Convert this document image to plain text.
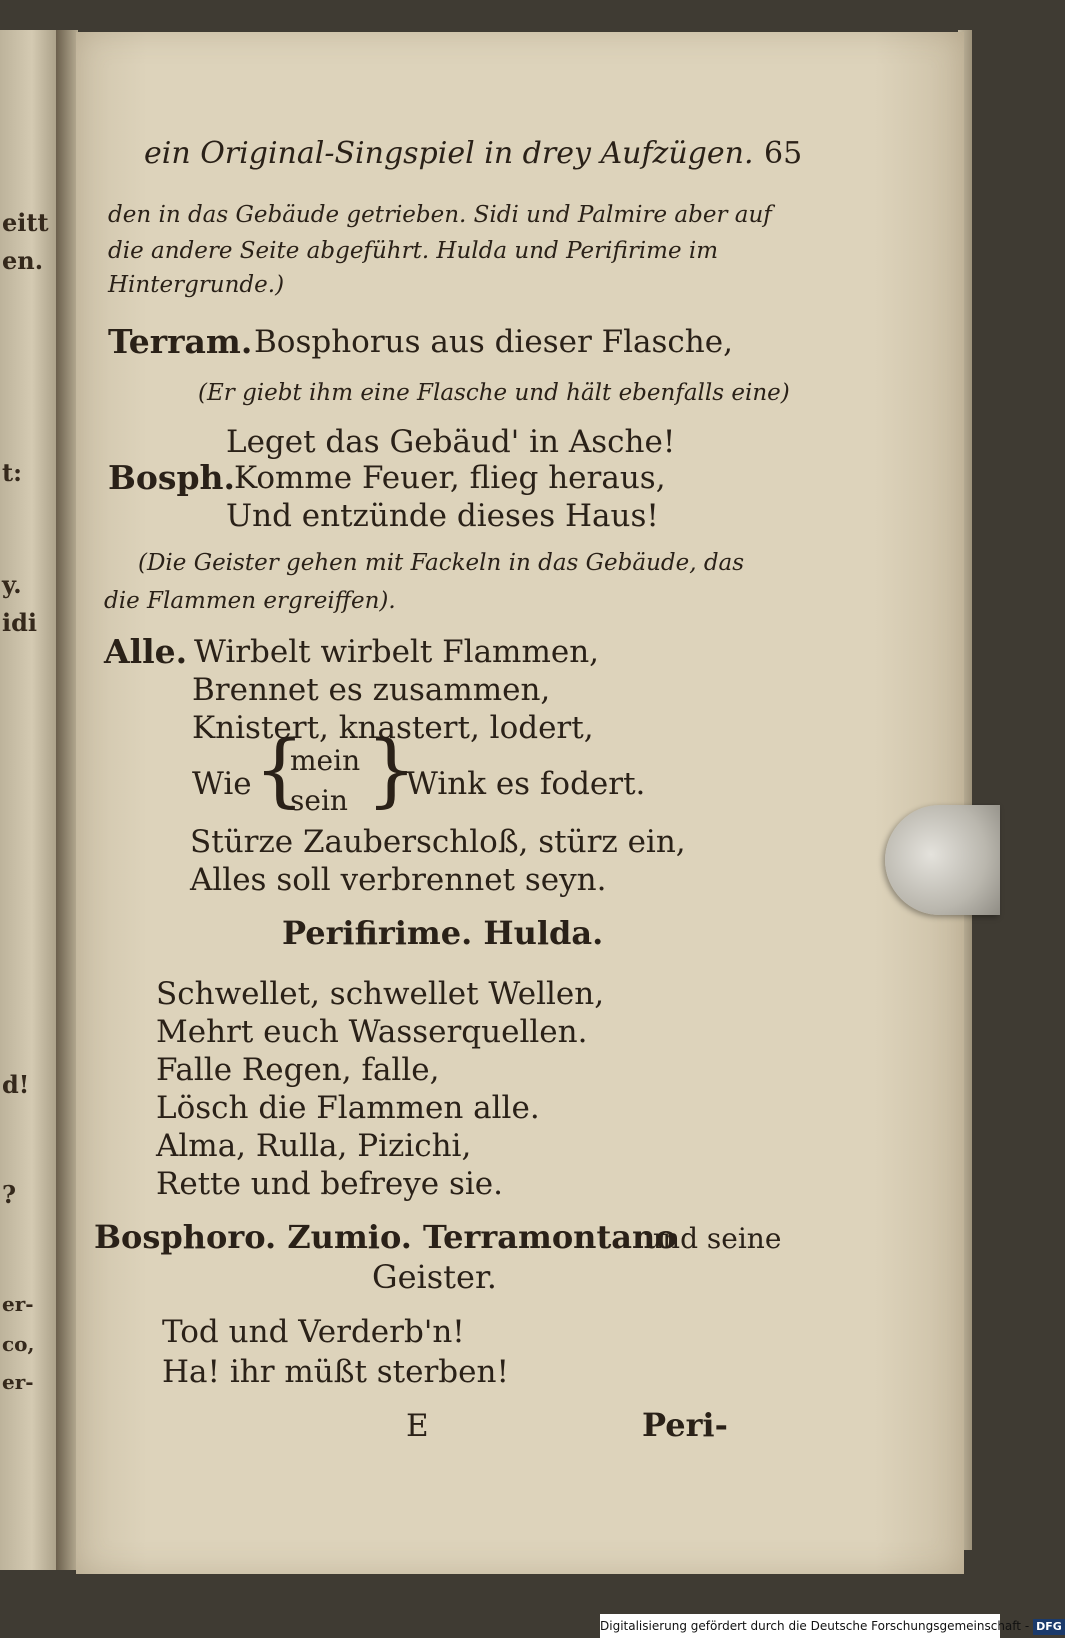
eitt
en.
t:
y.
idi
d!
?
er-
co,
er-
ein Original-Singspiel in drey Aufzügen. 65
den in das Gebäude getrieben. Sidi und Palmire aber auf
die andere Seite abgeführt. Hulda und Perifirime im
Hintergrunde.)
Terram. Bosphorus aus dieser Flasche,
(Er giebt ihm eine Flasche und hält ebenfalls eine)
Leget das Gebäud' in Asche!
Bosph.
Komme Feuer, flieg heraus,
Und entzünde dieses Haus!
(Die Geister gehen mit Fackeln in das Gebäude, das
die Flammen ergreiffen).
Alle. Wirbelt wirbelt Flammen,
Brennet es zusammen,
Knistert, knastert, lodert,
Wie {
mein
sein }
Wink es fodert.
Stürze Zauberschloß, stürz ein,
Alles soll verbrennet seyn.
Perifirime. Hulda.
Schwellet, schwellet Wellen,
Mehrt euch Wasserquellen.
Falle Regen, falle,
Lösch die Flammen alle.
Alma, Rulla, Pizichi,
Rette und befreye sie.
Bosphoro. Zumio. Terramontano
und seine
Geister.
Tod und Verderb'n!
Ha! ihr müßt sterben!
E	Peri-
Digitalisierung gefördert durch die Deutsche Forschungsgemeinschaft - DFG
